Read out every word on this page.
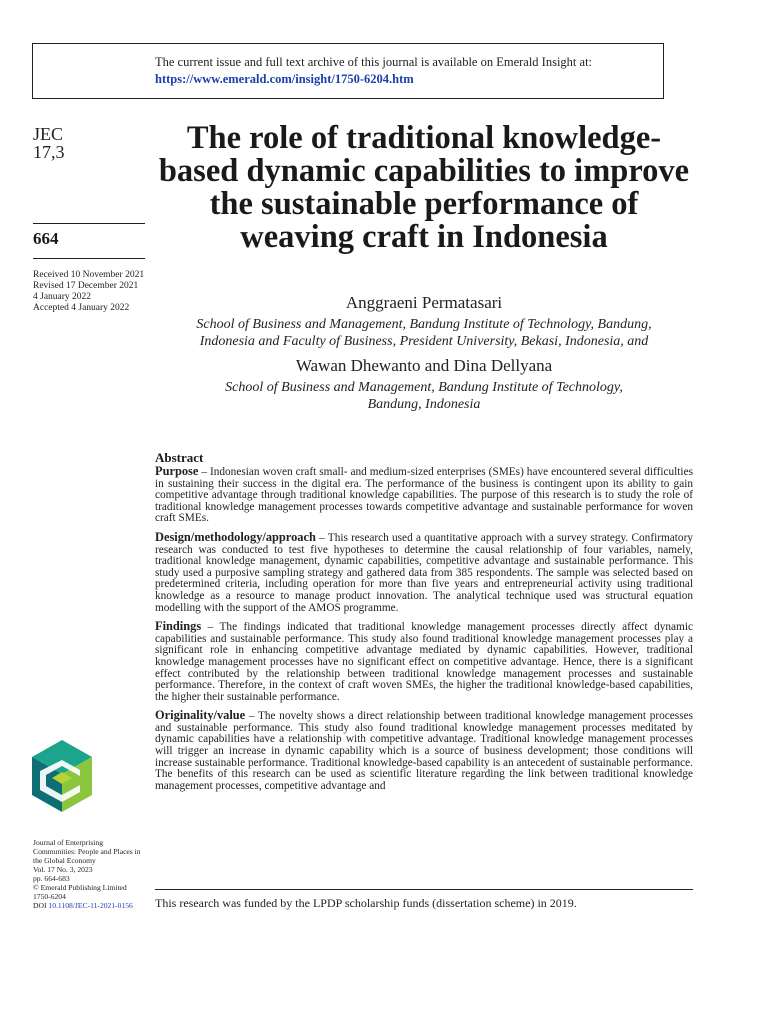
The current issue and full text archive of this journal is available on Emerald Insight at:
https://www.emerald.com/insight/1750-6204.htm
JEC
17,3
664
Received 10 November 2021
Revised 17 December 2021
4 January 2022
Accepted 4 January 2022
Journal of Enterprising
Communities: People and Places in
the Global Economy
Vol. 17 No. 3, 2023
pp. 664-683
© Emerald Publishing Limited
1750-6204
DOI 10.1108/JEC-11-2021-0156
The role of traditional knowledge-based dynamic capabilities to improve the sustainable performance of weaving craft in Indonesia
Anggraeni Permatasari
School of Business and Management, Bandung Institute of Technology, Bandung,
Indonesia and Faculty of Business, President University, Bekasi, Indonesia, and
Wawan Dhewanto and Dina Dellyana
School of Business and Management, Bandung Institute of Technology,
Bandung, Indonesia
Abstract

Purpose – Indonesian woven craft small- and medium-sized enterprises (SMEs) have encountered several difficulties in sustaining their success in the digital era. The performance of the business is contingent upon its ability to gain competitive advantage through traditional knowledge capabilities. The purpose of this research is to study the role of traditional knowledge management processes towards competitive advantage and sustainable performance for woven craft SMEs.

Design/methodology/approach – This research used a quantitative approach with a survey strategy. Confirmatory research was conducted to test five hypotheses to determine the causal relationship of four variables, namely, traditional knowledge management, dynamic capabilities, competitive advantage and sustainable performance. This study used a purposive sampling strategy and gathered data from 385 respondents. The sample was selected based on predetermined criteria, including operation for more than five years and entrepreneurial activity using traditional knowledge as a resource to manage product innovation. The analytical technique used was structural equation modelling with the support of the AMOS programme.

Findings – The findings indicated that traditional knowledge management processes directly affect dynamic capabilities and sustainable performance. This study also found traditional knowledge management processes play a significant role in enhancing competitive advantage mediated by dynamic capabilities. However, traditional knowledge management processes have no significant effect on competitive advantage. Hence, there is a significant effect contributed by the relationship between traditional knowledge management processes and sustainable performance. Therefore, in the context of craft woven SMEs, the higher the traditional knowledge-based capabilities, the higher their sustainable performance.

Originality/value – The novelty shows a direct relationship between traditional knowledge management processes and sustainable performance. This study also found traditional knowledge management processes meditated by dynamic capabilities have a relationship with competitive advantage. Traditional knowledge management processes will trigger an increase in dynamic capability which is a source of business development; those conditions will increase sustainable performance. Traditional knowledge-based capability is an antecedent of sustainable performance. The benefits of this research can be used as scientific literature regarding the link between traditional knowledge management processes, competitive advantage and

This research was funded by the LPDP scholarship funds (dissertation scheme) in 2019.
